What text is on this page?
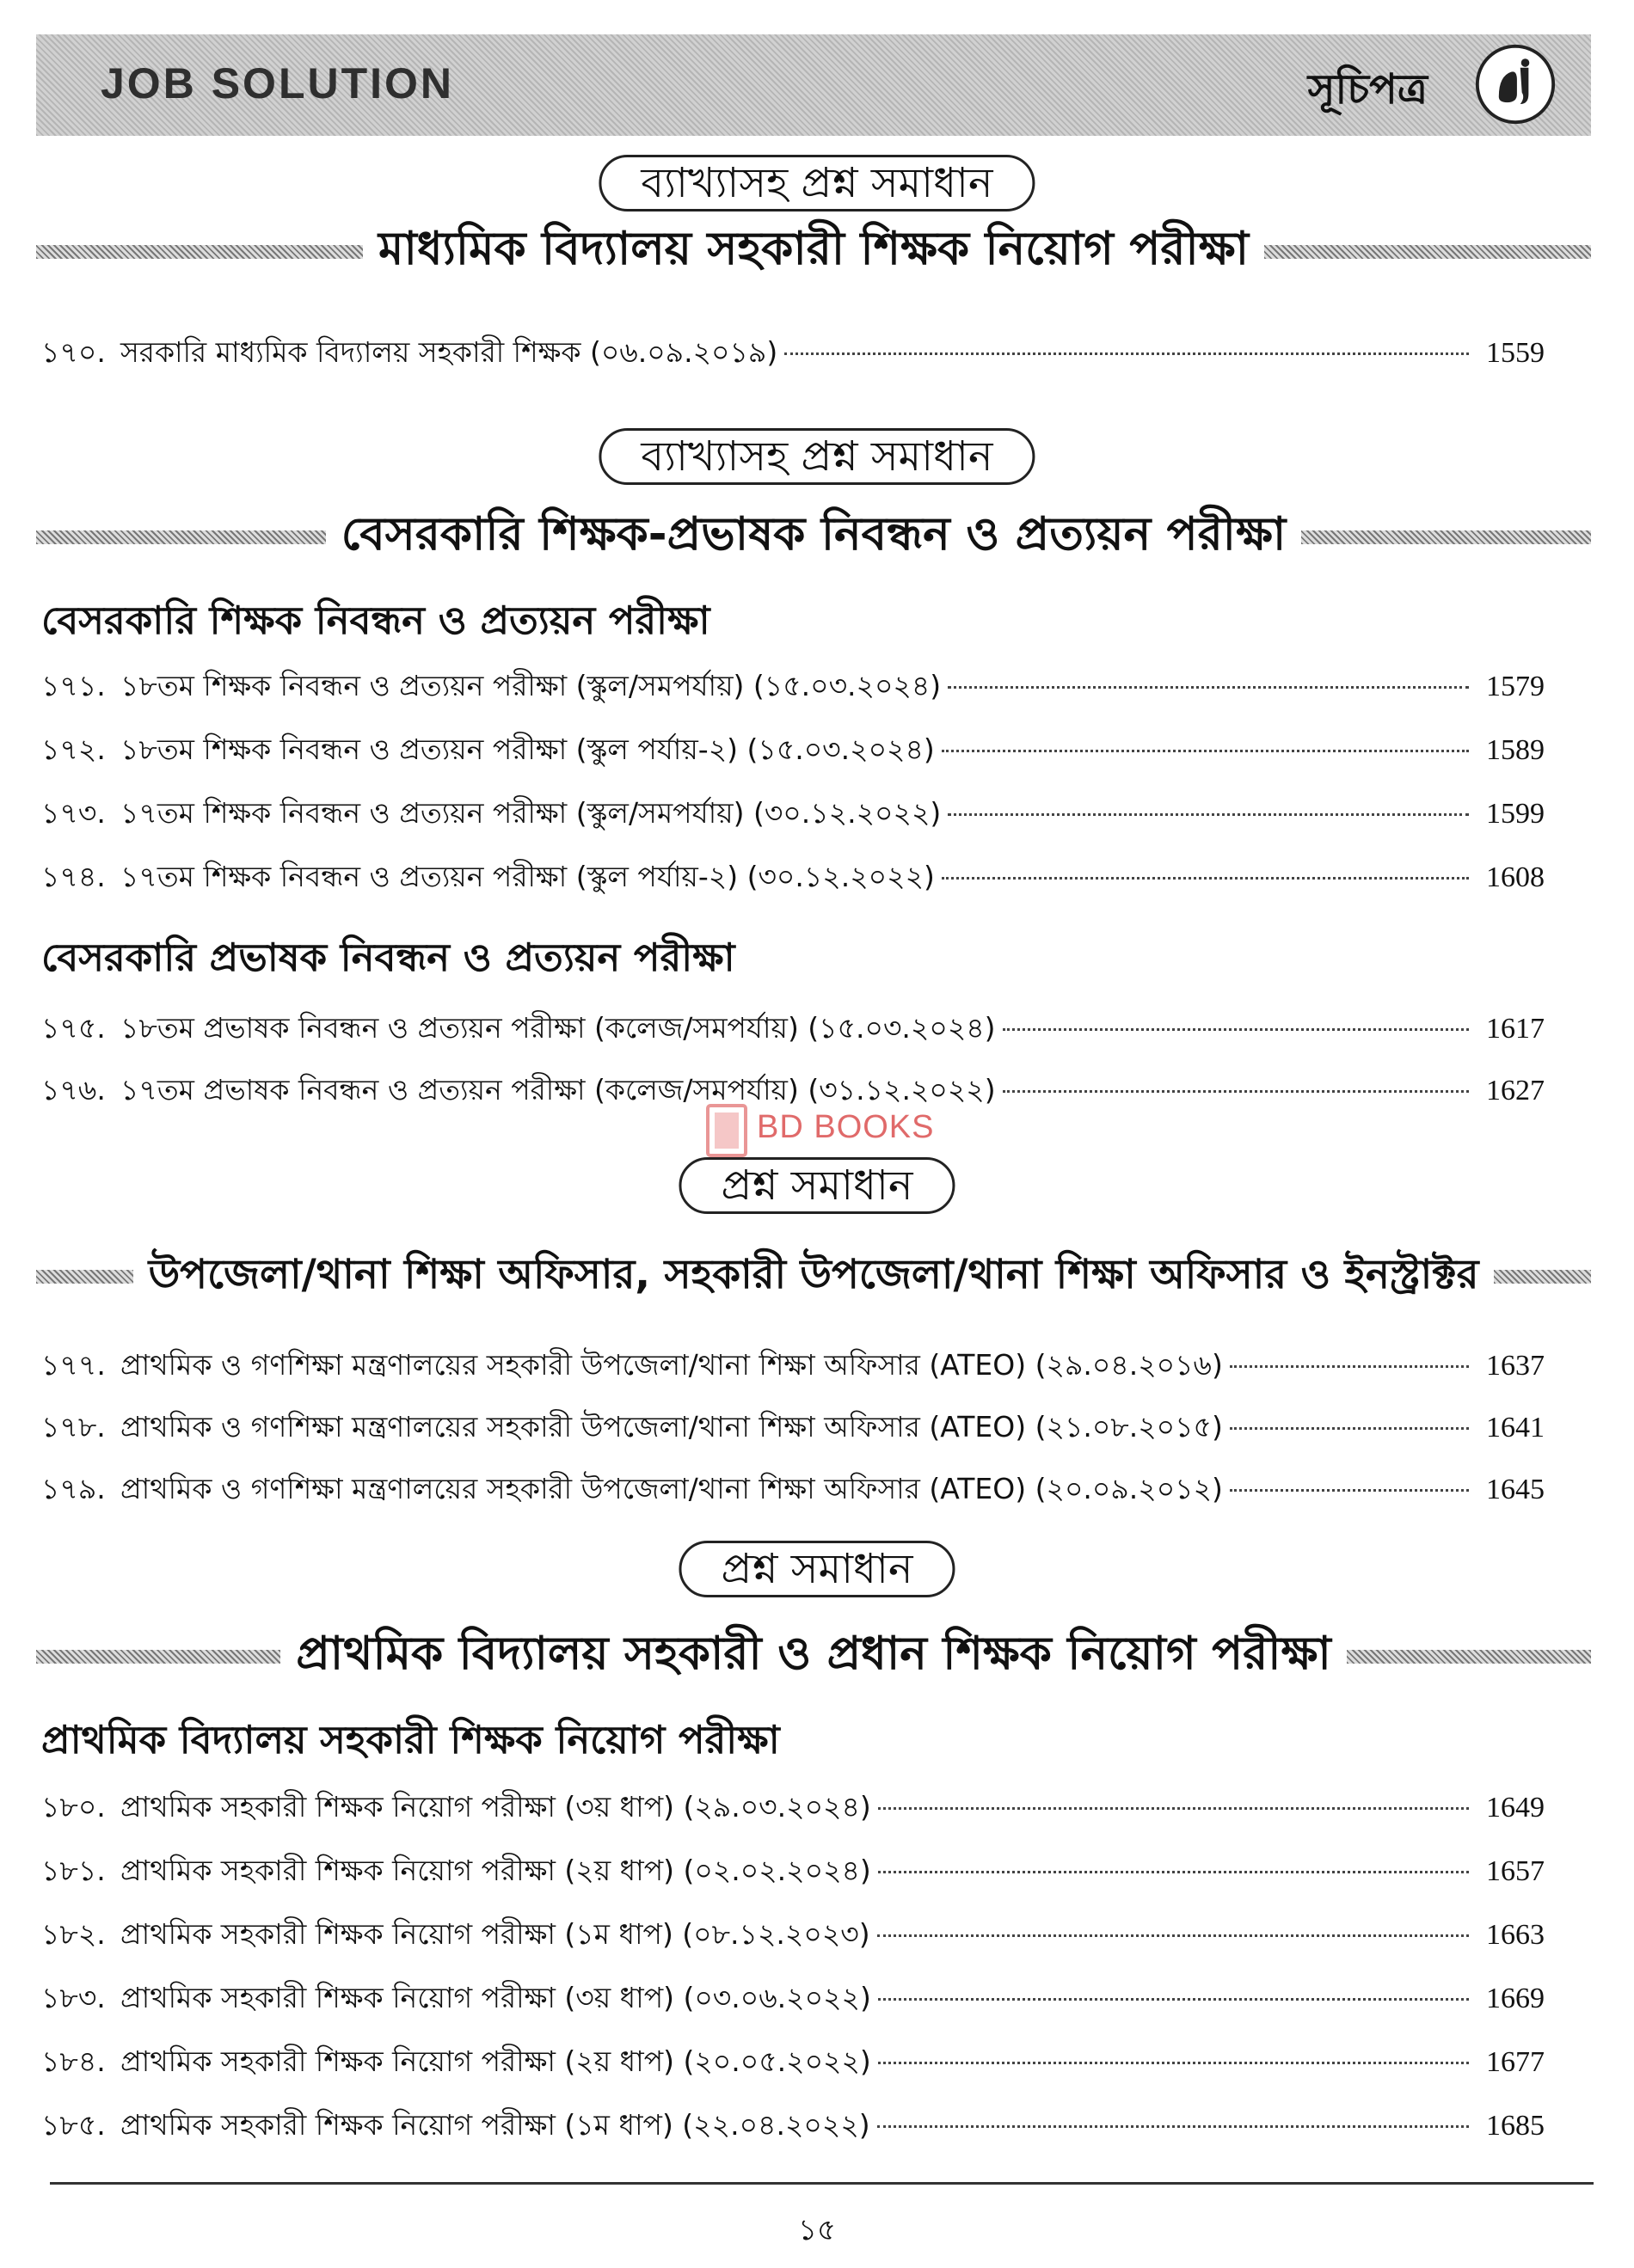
JOB SOLUTION	সূচিপত্র
ব্যাখ্যাসহ প্রশ্ন সমাধান
মাধ্যমিক বিদ্যালয় সহকারী শিক্ষক নিয়োগ পরীক্ষা
১৭০. সরকারি মাধ্যমিক বিদ্যালয় সহকারী শিক্ষক (০৬.০৯.২০১৯)	1559
ব্যাখ্যাসহ প্রশ্ন সমাধান
বেসরকারি শিক্ষক-প্রভাষক নিবন্ধন ও প্রত্যয়ন পরীক্ষা
বেসরকারি শিক্ষক নিবন্ধন ও প্রত্যয়ন পরীক্ষা
১৭১. ১৮তম শিক্ষক নিবন্ধন ও প্রত্যয়ন পরীক্ষা (স্কুল/সমপর্যায়) (১৫.০৩.২০২৪)	1579
১৭২. ১৮তম শিক্ষক নিবন্ধন ও প্রত্যয়ন পরীক্ষা (স্কুল পর্যায়-২) (১৫.০৩.২০২৪)	1589
১৭৩. ১৭তম শিক্ষক নিবন্ধন ও প্রত্যয়ন পরীক্ষা (স্কুল/সমপর্যায়) (৩০.১২.২০২২)	1599
১৭৪. ১৭তম শিক্ষক নিবন্ধন ও প্রত্যয়ন পরীক্ষা (স্কুল পর্যায়-২) (৩০.১২.২০২২)	1608
বেসরকারি প্রভাষক নিবন্ধন ও প্রত্যয়ন পরীক্ষা
১৭৫. ১৮তম প্রভাষক নিবন্ধন ও প্রত্যয়ন পরীক্ষা (কলেজ/সমপর্যায়) (১৫.০৩.২০২৪)	1617
১৭৬. ১৭তম প্রভাষক নিবন্ধন ও প্রত্যয়ন পরীক্ষা (কলেজ/সমপর্যায়) (৩১.১২.২০২২)	1627
BD BOOKS
প্রশ্ন সমাধান
উপজেলা/থানা শিক্ষা অফিসার, সহকারী উপজেলা/থানা শিক্ষা অফিসার ও ইনস্ট্রাক্টর
১৭৭. প্রাথমিক ও গণশিক্ষা মন্ত্রণালয়ের সহকারী উপজেলা/থানা শিক্ষা অফিসার (ATEO) (২৯.০৪.২০১৬)	1637
১৭৮. প্রাথমিক ও গণশিক্ষা মন্ত্রণালয়ের সহকারী উপজেলা/থানা শিক্ষা অফিসার (ATEO) (২১.০৮.২০১৫)	1641
১৭৯. প্রাথমিক ও গণশিক্ষা মন্ত্রণালয়ের সহকারী উপজেলা/থানা শিক্ষা অফিসার (ATEO) (২০.০৯.২০১২)	1645
প্রশ্ন সমাধান
প্রাথমিক বিদ্যালয় সহকারী ও প্রধান শিক্ষক নিয়োগ পরীক্ষা
প্রাথমিক বিদ্যালয় সহকারী শিক্ষক নিয়োগ পরীক্ষা
১৮০. প্রাথমিক সহকারী শিক্ষক নিয়োগ পরীক্ষা (৩য় ধাপ) (২৯.০৩.২০২৪)	1649
১৮১. প্রাথমিক সহকারী শিক্ষক নিয়োগ পরীক্ষা (২য় ধাপ) (০২.০২.২০২৪)	1657
১৮২. প্রাথমিক সহকারী শিক্ষক নিয়োগ পরীক্ষা (১ম ধাপ) (০৮.১২.২০২৩)	1663
১৮৩. প্রাথমিক সহকারী শিক্ষক নিয়োগ পরীক্ষা (৩য় ধাপ) (০৩.০৬.২০২২)	1669
১৮৪. প্রাথমিক সহকারী শিক্ষক নিয়োগ পরীক্ষা (২য় ধাপ) (২০.০৫.২০২২)	1677
১৮৫. প্রাথমিক সহকারী শিক্ষক নিয়োগ পরীক্ষা (১ম ধাপ) (২২.০৪.২০২২)	1685
১৫
